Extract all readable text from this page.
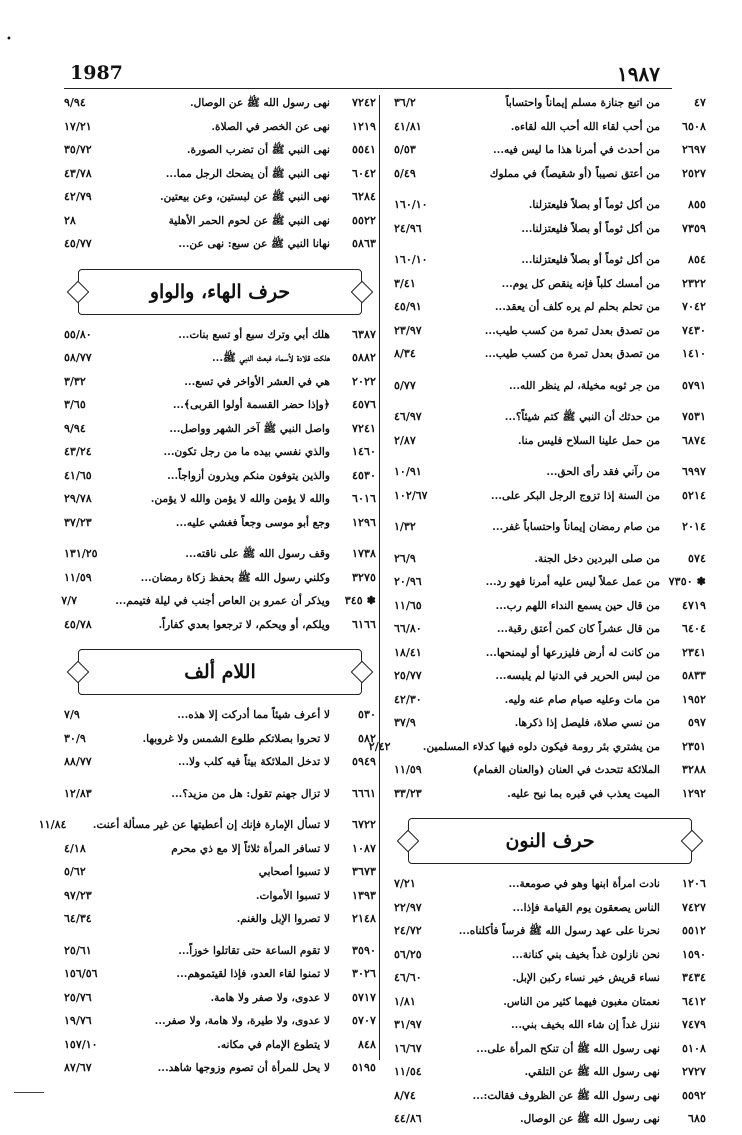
•
1987	١٩٨٧
٤٧
من اتبع جنازة مسلم إيماناً واحتساباً
٣٦/٢
٦٥٠٨
من أحب لقاء الله أحب الله لقاءه.
٤١/٨١
٢٦٩٧
من أحدث في أمرنا هذا ما ليس فيه...
٥/٥٣
٢٥٢٧
من أعتق نصيباً (أو شقيصاً) في مملوك
٥/٤٩
٨٥٥
من أكل ثوماً أو بصلاً فليعتزلنا.
١٦٠/١٠
٧٣٥٩
من أكل ثوماً أو بصلاً فليعتزلنا...
٢٤/٩٦
٨٥٤
من أكل ثوماً أو بصلاً فليعتزلنا...
١٦٠/١٠
٢٣٢٢
من أمسك كلباً فإنه ينقص كل يوم...
٣/٤١
٧٠٤٢
من تحلم بحلم لم يره كلف أن يعقد...
٤٥/٩١
٧٤٣٠
من تصدق بعدل تمرة من كسب طيب...
٢٣/٩٧
١٤١٠
من تصدق بعدل تمرة من كسب طيب...
٨/٣٤
٥٧٩١
من جر ثوبه مخيلة، لم ينظر الله...
٥/٧٧
٧٥٣١
من حدثك أن النبي ﷺ كتم شيئاً؟...
٤٦/٩٧
٦٨٧٤
من حمل علينا السلاح فليس منا.
٢/٨٧
٦٩٩٧
من رآني فقد رأى الحق...
١٠/٩١
٥٢١٤
من السنة إذا تزوج الرجل البكر على...
١٠٢/٦٧
٢٠١٤
من صام رمضان إيماناً واحتساباً غفر...
١/٣٢
٥٧٤
من صلى البردين دخل الجنة.
٢٦/٩
✽ ٧٣٥٠
من عمل عملاً ليس عليه أمرنا فهو رد...
٢٠/٩٦
٤٧١٩
من قال حين يسمع النداء اللهم رب...
١١/٦٥
٦٤٠٤
من قال عشراً كان كمن أعتق رقبة...
٦٦/٨٠
٢٣٤١
من كانت له أرض فليزرعها أو ليمنحها...
١٨/٤١
٥٨٣٣
من لبس الحرير في الدنيا لم يلبسه...
٢٥/٧٧
١٩٥٢
من مات وعليه صيام صام عنه وليه.
٤٢/٣٠
٥٩٧
من نسي صلاة، فليصل إذا ذكرها.
٣٧/٩
٢٣٥١
من يشتري بئر رومة فيكون دلوه فيها كدلاء المسلمين.
٢/٤٢
٣٢٨٨
الملائكة تتحدث في العنان (والعنان الغمام)
١١/٥٩
١٢٩٢
الميت يعذب في قبره بما نيح عليه.
٣٣/٢٣
حرف النون
١٢٠٦
نادت امرأة ابنها وهو في صومعة...
٧/٢١
٧٤٢٧
الناس يصعقون يوم القيامة فإذا...
٢٢/٩٧
٥٥١٢
نحرنا على عهد رسول الله ﷺ فرساً فأكلناه...
٢٤/٧٢
١٥٩٠
نحن نازلون غداً بخيف بني كنانة...
٥٦/٢٥
٣٤٣٤
نساء قريش خير نساء ركبن الإبل.
٤٦/٦٠
٦٤١٢
نعمتان مغبون فيهما كثير من الناس.
١/٨١
٧٤٧٩
ننزل غداً إن شاء الله بخيف بني...
٣١/٩٧
٥١٠٨
نهى رسول الله ﷺ أن تنكح المرأة على...
١٦/٦٧
٢٧٢٧
نهى رسول الله ﷺ عن التلقي.
١١/٥٤
٥٥٩٢
نهى رسول الله ﷺ عن الظروف فقالت:...
٨/٧٤
٦٨٥
نهى رسول الله ﷺ عن الوصال.
٤٤/٨٦
٧٢٤٢
نهى رسول الله ﷺ عن الوصال.
٩/٩٤
١٢١٩
نهى عن الخصر في الصلاة.
١٧/٢١
٥٥٤١
نهى النبي ﷺ أن تضرب الصورة.
٣٥/٧٢
٦٠٤٢
نهى النبي ﷺ أن يضحك الرجل مما...
٤٣/٧٨
٦٢٨٤
نهى النبي ﷺ عن لبستين، وعن بيعتين.
٤٢/٧٩
٥٥٢٢
نهى النبي ﷺ عن لحوم الحمر الأهلية
٢٨
٥٨٦٣
نهانا النبي ﷺ عن سبع: نهى عن...
٤٥/٧٧
حرف الهاء، والواو
٦٣٨٧
هلك أبي وترك سبع أو تسع بنات...
٥٥/٨٠
٥٨٨٢
هلكت قلادة لأسماء فبعث النبي ﷺ...
٥٨/٧٧
٢٠٢٢
هي في العشر الأواخر في تسع...
٣/٣٢
٤٥٧٦
﴿وإذا حضر القسمة أولوا القربى﴾...
٣/٦٥
٧٢٤١
واصل النبي ﷺ آخر الشهر وواصل...
٩/٩٤
١٤٦٠
والذي نفسي بيده ما من رجل تكون...
٤٣/٢٤
٤٥٣٠
والذين يتوفون منكم ويذرون أزواجاً...
٤١/٦٥
٦٠١٦
والله لا يؤمن والله لا يؤمن والله لا يؤمن.
٢٩/٧٨
١٢٩٦
وجع أبو موسى وجعاً فغشي عليه...
٣٧/٢٣
١٧٣٨
وقف رسول الله ﷺ على ناقته...
١٣١/٢٥
٣٢٧٥
وكلني رسول الله ﷺ بحفظ زكاة رمضان...
١١/٥٩
✽ ٣٤٥
ويذكر أن عمرو بن العاص أجنب في ليلة فتيمم...
٧/٧
٦١٦٦
ويلكم، أو ويحكم، لا ترجعوا بعدي كفاراً.
٤٥/٧٨
اللام ألف
٥٣٠
لا أعرف شيئاً مما أدركت إلا هذه...
٧/٩
٥٨٢
لا تحروا بصلاتكم طلوع الشمس ولا غروبها.
٣٠/٩
٥٩٤٩
لا تدخل الملائكة بيتاً فيه كلب ولا...
٨٨/٧٧
٦٦٦١
لا تزال جهنم تقول: هل من مزيد؟...
١٢/٨٣
٦٧٢٢
لا تسأل الإمارة فإنك إن أعطيتها عن غير مسألة أعنت.
١١/٨٤
١٠٨٧
لا تسافر المرأة ثلاثاً إلا مع ذي محرم
٤/١٨
٣٦٧٣
لا تسبوا أصحابي
٥/٦٢
١٣٩٣
لا تسبوا الأموات.
٩٧/٢٣
٢١٤٨
لا تصروا الإبل والغنم.
٦٤/٣٤
٣٥٩٠
لا تقوم الساعة حتى تقاتلوا خوزاً...
٢٥/٦١
٣٠٢٦
لا تمنوا لقاء العدو، فإذا لقيتموهم...
١٥٦/٥٦
٥٧١٧
لا عدوى، ولا صفر ولا هامة.
٢٥/٧٦
٥٧٠٧
لا عدوى، ولا طيرة، ولا هامة، ولا صفر...
١٩/٧٦
٨٤٨
لا يتطوع الإمام في مكانه.
١٥٧/١٠
٥١٩٥
لا يحل للمرأة أن تصوم وزوجها شاهد...
٨٧/٦٧
